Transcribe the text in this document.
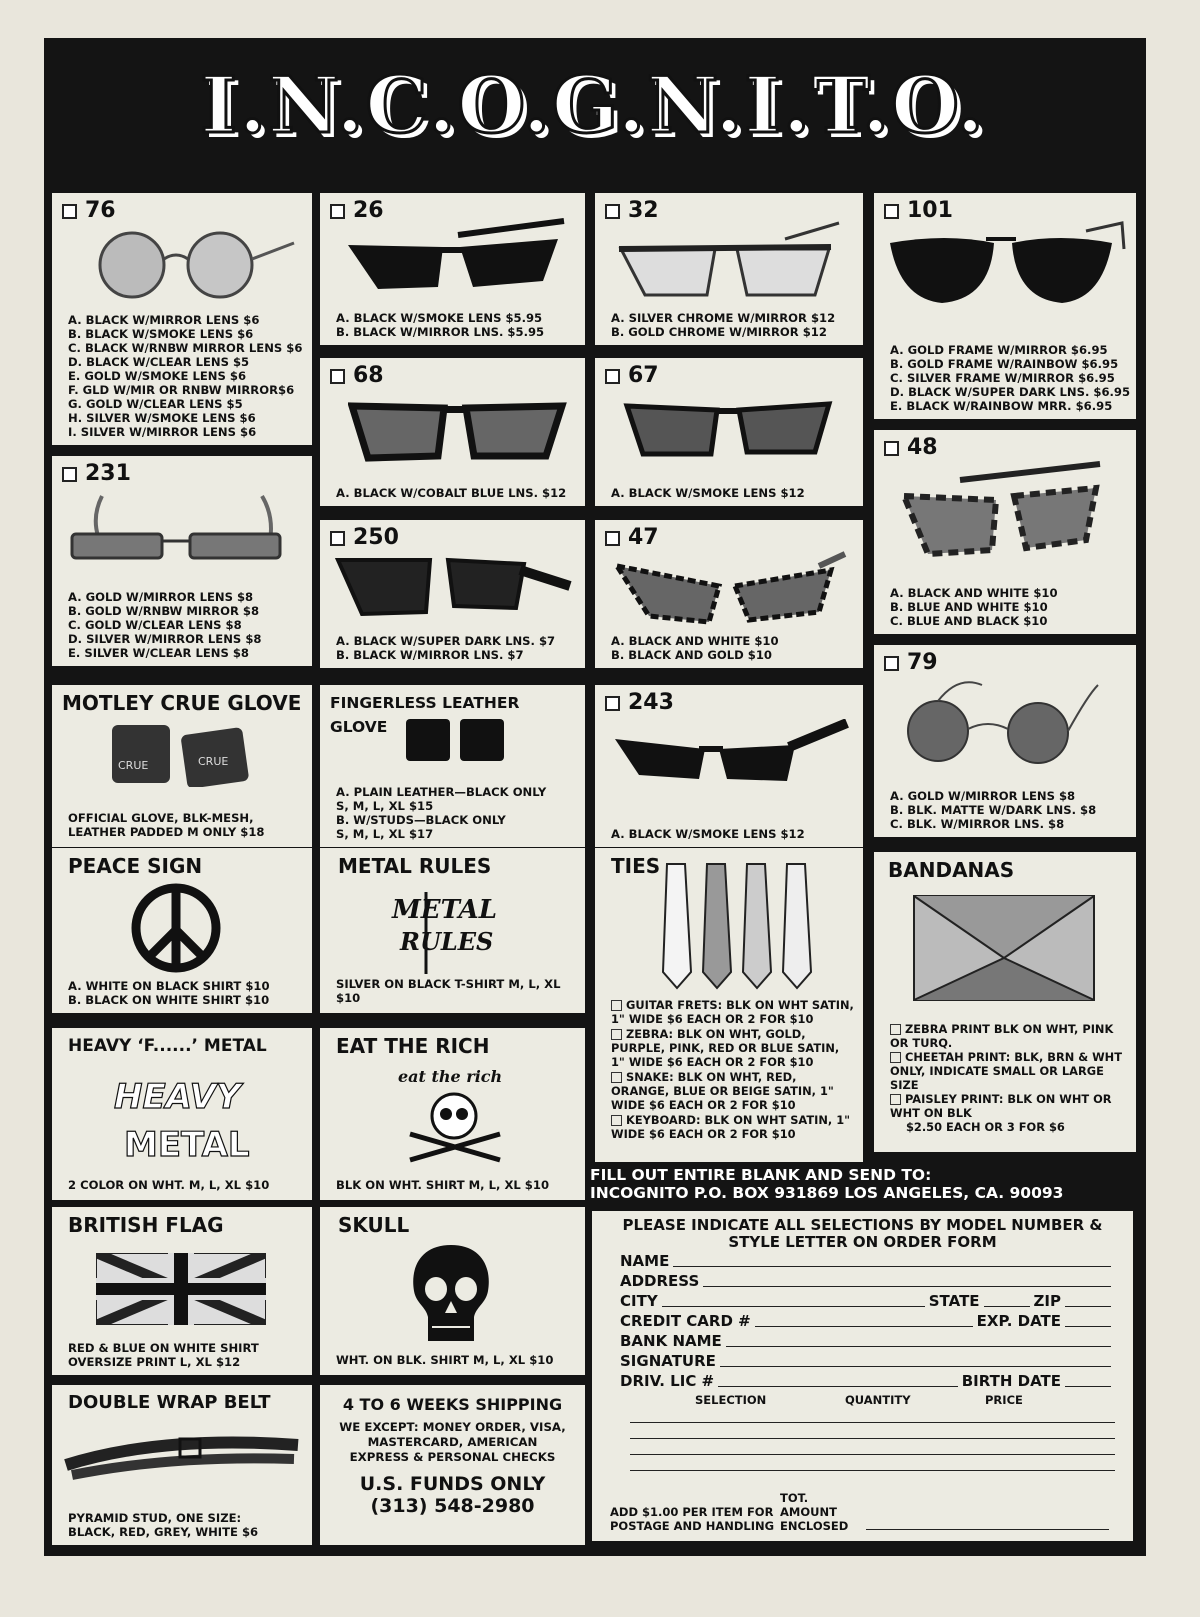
I.N.C.O.G.N.I.T.O.
76
A. BLACK W/MIRROR LENS $6
B. BLACK W/SMOKE LENS $6
C. BLACK W/RNBW MIRROR LENS $6
D. BLACK W/CLEAR LENS $5
E. GOLD W/SMOKE LENS $6
F. GLD W/MIR OR RNBW MIRROR$6
G. GOLD W/CLEAR LENS $5
H. SILVER W/SMOKE LENS $6
I. SILVER W/MIRROR LENS $6
231
A. GOLD W/MIRROR LENS $8
B. GOLD W/RNBW MIRROR $8
C. GOLD W/CLEAR LENS $8
D. SILVER W/MIRROR LENS $8
E. SILVER W/CLEAR LENS $8
MOTLEY CRUE GLOVE
CRUE	CRUE
OFFICIAL GLOVE, BLK-MESH, LEATHER PADDED M ONLY $18
PEACE SIGN
A. WHITE ON BLACK SHIRT $10
B. BLACK ON WHITE SHIRT $10
HEAVY ‘F......’ METAL
HEAVY
METAL
2 COLOR ON WHT. M, L, XL $10
BRITISH FLAG
RED & BLUE ON WHITE SHIRT
OVERSIZE PRINT L, XL $12
DOUBLE WRAP BELT
PYRAMID STUD, ONE SIZE:
BLACK, RED, GREY, WHITE $6
26
A. BLACK W/SMOKE LENS $5.95
B. BLACK W/MIRROR LNS. $5.95
68
A. BLACK W/COBALT BLUE LNS. $12
250
A. BLACK W/SUPER DARK LNS. $7
B. BLACK W/MIRROR LNS. $7
FINGERLESS LEATHER GLOVE
A. PLAIN LEATHER—BLACK ONLY
S, M, L, XL $15
B. W/STUDS—BLACK ONLY
S, M, L, XL $17
METAL RULES
METAL
RULES
SILVER ON BLACK T-SHIRT M, L, XL $10
EAT THE RICH
eat the rich
BLK ON WHT. SHIRT M, L, XL $10
SKULL
WHT. ON BLK. SHIRT M, L, XL $10
4 TO 6 WEEKS SHIPPING
WE EXCEPT: MONEY ORDER, VISA, MASTERCARD, AMERICAN EXPRESS & PERSONAL CHECKS
U.S. FUNDS ONLY
(313) 548-2980
32
A. SILVER CHROME W/MIRROR $12
B. GOLD CHROME W/MIRROR $12
67
A. BLACK W/SMOKE LENS $12
47
A. BLACK AND WHITE $10
B. BLACK AND GOLD $10
243
A. BLACK W/SMOKE LENS $12
TIES
GUITAR FRETS: BLK ON WHT SATIN, 1" WIDE $6 EACH OR 2 FOR $10
ZEBRA: BLK ON WHT, GOLD, PURPLE, PINK, RED OR BLUE SATIN, 1" WIDE $6 EACH OR 2 FOR $10
SNAKE: BLK ON WHT, RED, ORANGE, BLUE OR BEIGE SATIN, 1" WIDE $6 EACH OR 2 FOR $10
KEYBOARD: BLK ON WHT SATIN, 1" WIDE $6 EACH OR 2 FOR $10
101
A. GOLD FRAME W/MIRROR $6.95
B. GOLD FRAME W/RAINBOW $6.95
C. SILVER FRAME W/MIRROR $6.95
D. BLACK W/SUPER DARK LNS. $6.95
E. BLACK W/RAINBOW MRR. $6.95
48
A. BLACK AND WHITE $10
B. BLUE AND WHITE $10
C. BLUE AND BLACK $10
79
A. GOLD W/MIRROR LENS $8
B. BLK. MATTE W/DARK LNS. $8
C. BLK. W/MIRROR LNS. $8
BANDANAS
ZEBRA PRINT BLK ON WHT, PINK OR TURQ.
CHEETAH PRINT: BLK, BRN & WHT ONLY, INDICATE SMALL OR LARGE SIZE
PAISLEY PRINT: BLK ON WHT OR WHT ON BLK
$2.50 EACH OR 3 FOR $6
FILL OUT ENTIRE BLANK AND SEND TO:
INCOGNITO P.O. BOX 931869 LOS ANGELES, CA. 90093
PLEASE INDICATE ALL SELECTIONS BY MODEL NUMBER & STYLE LETTER ON ORDER FORM
NAME
ADDRESS
CITY	STATE	ZIP
CREDIT CARD #	EXP. DATE
BANK NAME
SIGNATURE
DRIV. LIC #	BIRTH DATE
SELECTION	QUANTITY	PRICE
ADD $1.00 PER ITEM FOR POSTAGE AND HANDLING
TOT. AMOUNT ENCLOSED
